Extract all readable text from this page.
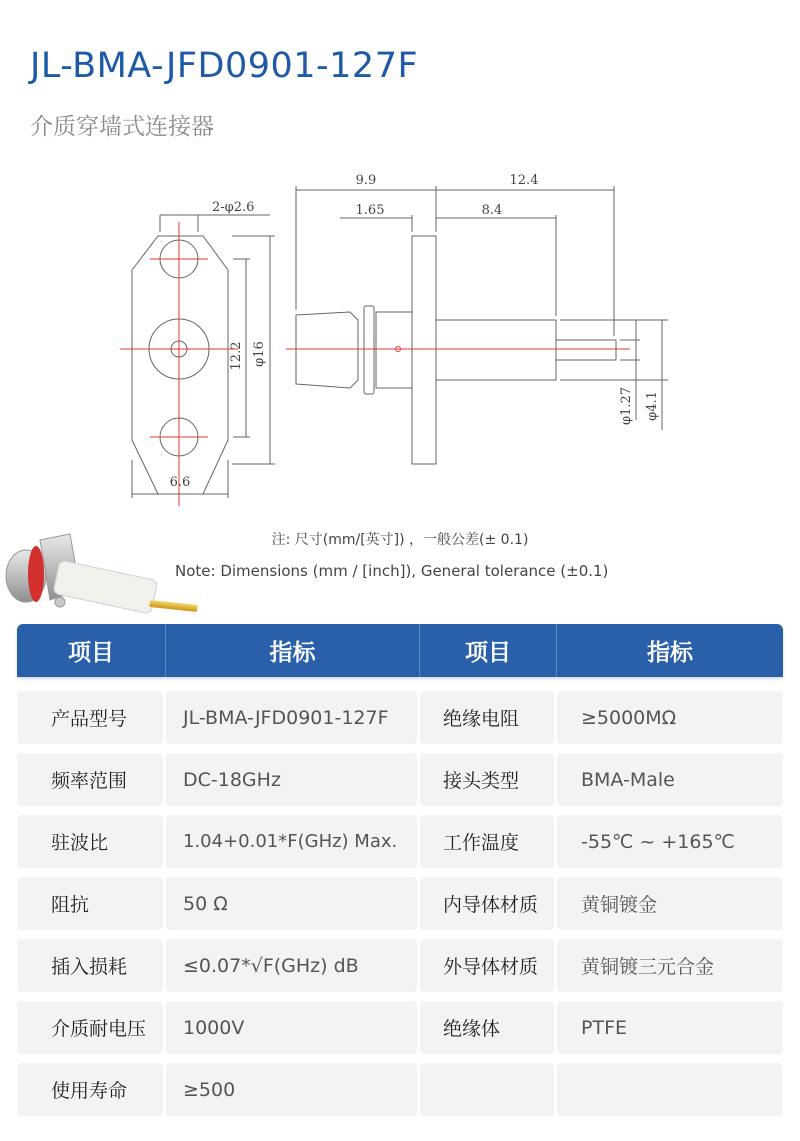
JL-BMA-JFD0901-127F
介质穿墙式连接器
2-φ2.6
12.2 φ16
6.6
9.9	12.4
1.65	8.4
φ1.27 φ4.1
注: 尺寸(mm/[英寸]) ，一般公差(± 0.1)
Note: Dimensions (mm / [inch]), General tolerance (±0.1)
项目	指标	项目	指标
产品型号	JL-BMA-JFD0901-127F	绝缘电阻	≥5000MΩ
频率范围	DC-18GHz	接头类型	BMA-Male
驻波比	1.04+0.01*F(GHz) Max.	工作温度	-55℃ ~ +165℃
阻抗	50 Ω	内导体材质	黄铜镀金
插入损耗	≤0.07*√F(GHz) dB	外导体材质	黄铜镀三元合金
介质耐电压	1000V	绝缘体	PTFE
使用寿命	≥500
